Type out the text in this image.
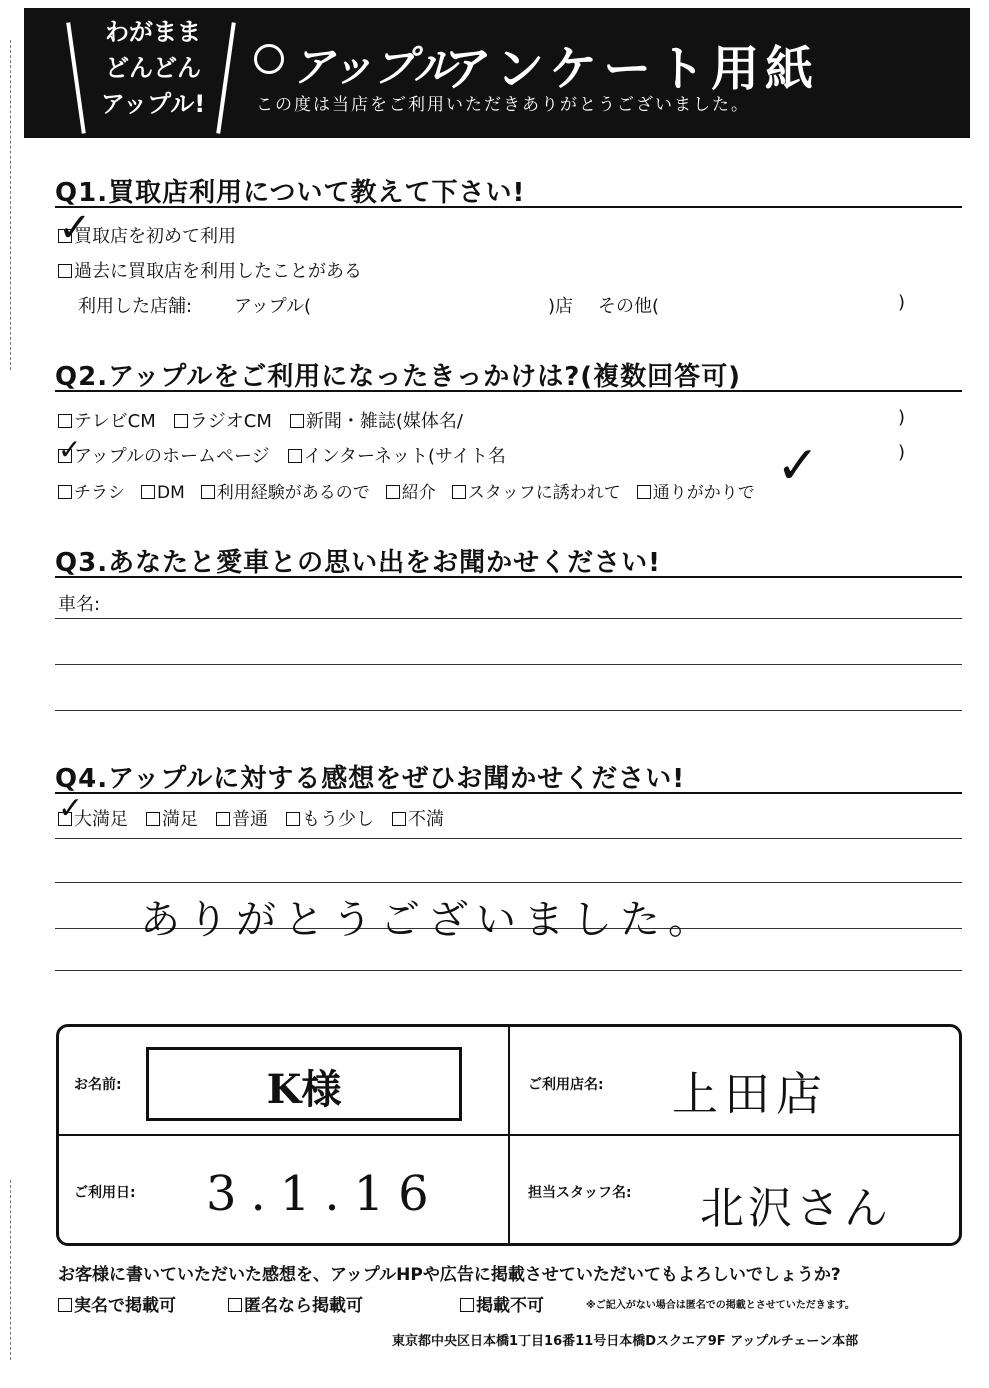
わがまま
どんどん
アップル!
アップル
アンケート用紙
この度は当店をご利用いただきありがとうございました。
Q1.買取店利用について教えて下さい!
買取店を初めて利用
✓
過去に買取店を利用したことがある
利用した店舗: アップル(	)店 その他(	)
Q2.アップルをご利用になったきっかけは?(複数回答可)
テレビCM ラジオCM 新聞・雑誌(媒体名/	)
アップルのホームページ インターネット(サイト名
✓	)
チラシ DM 利用経験があるので 紹介 スタッフに誘われて 通りがかりで ✓
Q3.あなたと愛車との思い出をお聞かせください!
車名:
Q4.アップルに対する感想をぜひお聞かせください!
大満足 満足 普通 もう少し 不満
✓
ありがとうございました。
お名前:	K様	ご利用店名: 上田店
ご利用日: 3.1.16	担当スタッフ名: 北沢さん
お客様に書いていただいた感想を、アップルHPや広告に掲載させていただいてもよろしいでしょうか?
実名で掲載可	匿名なら掲載可	掲載不可	※ご記入がない場合は匿名での掲載とさせていただきます。
東京都中央区日本橋1丁目16番11号日本橋Dスクエア9F アップルチェーン本部
